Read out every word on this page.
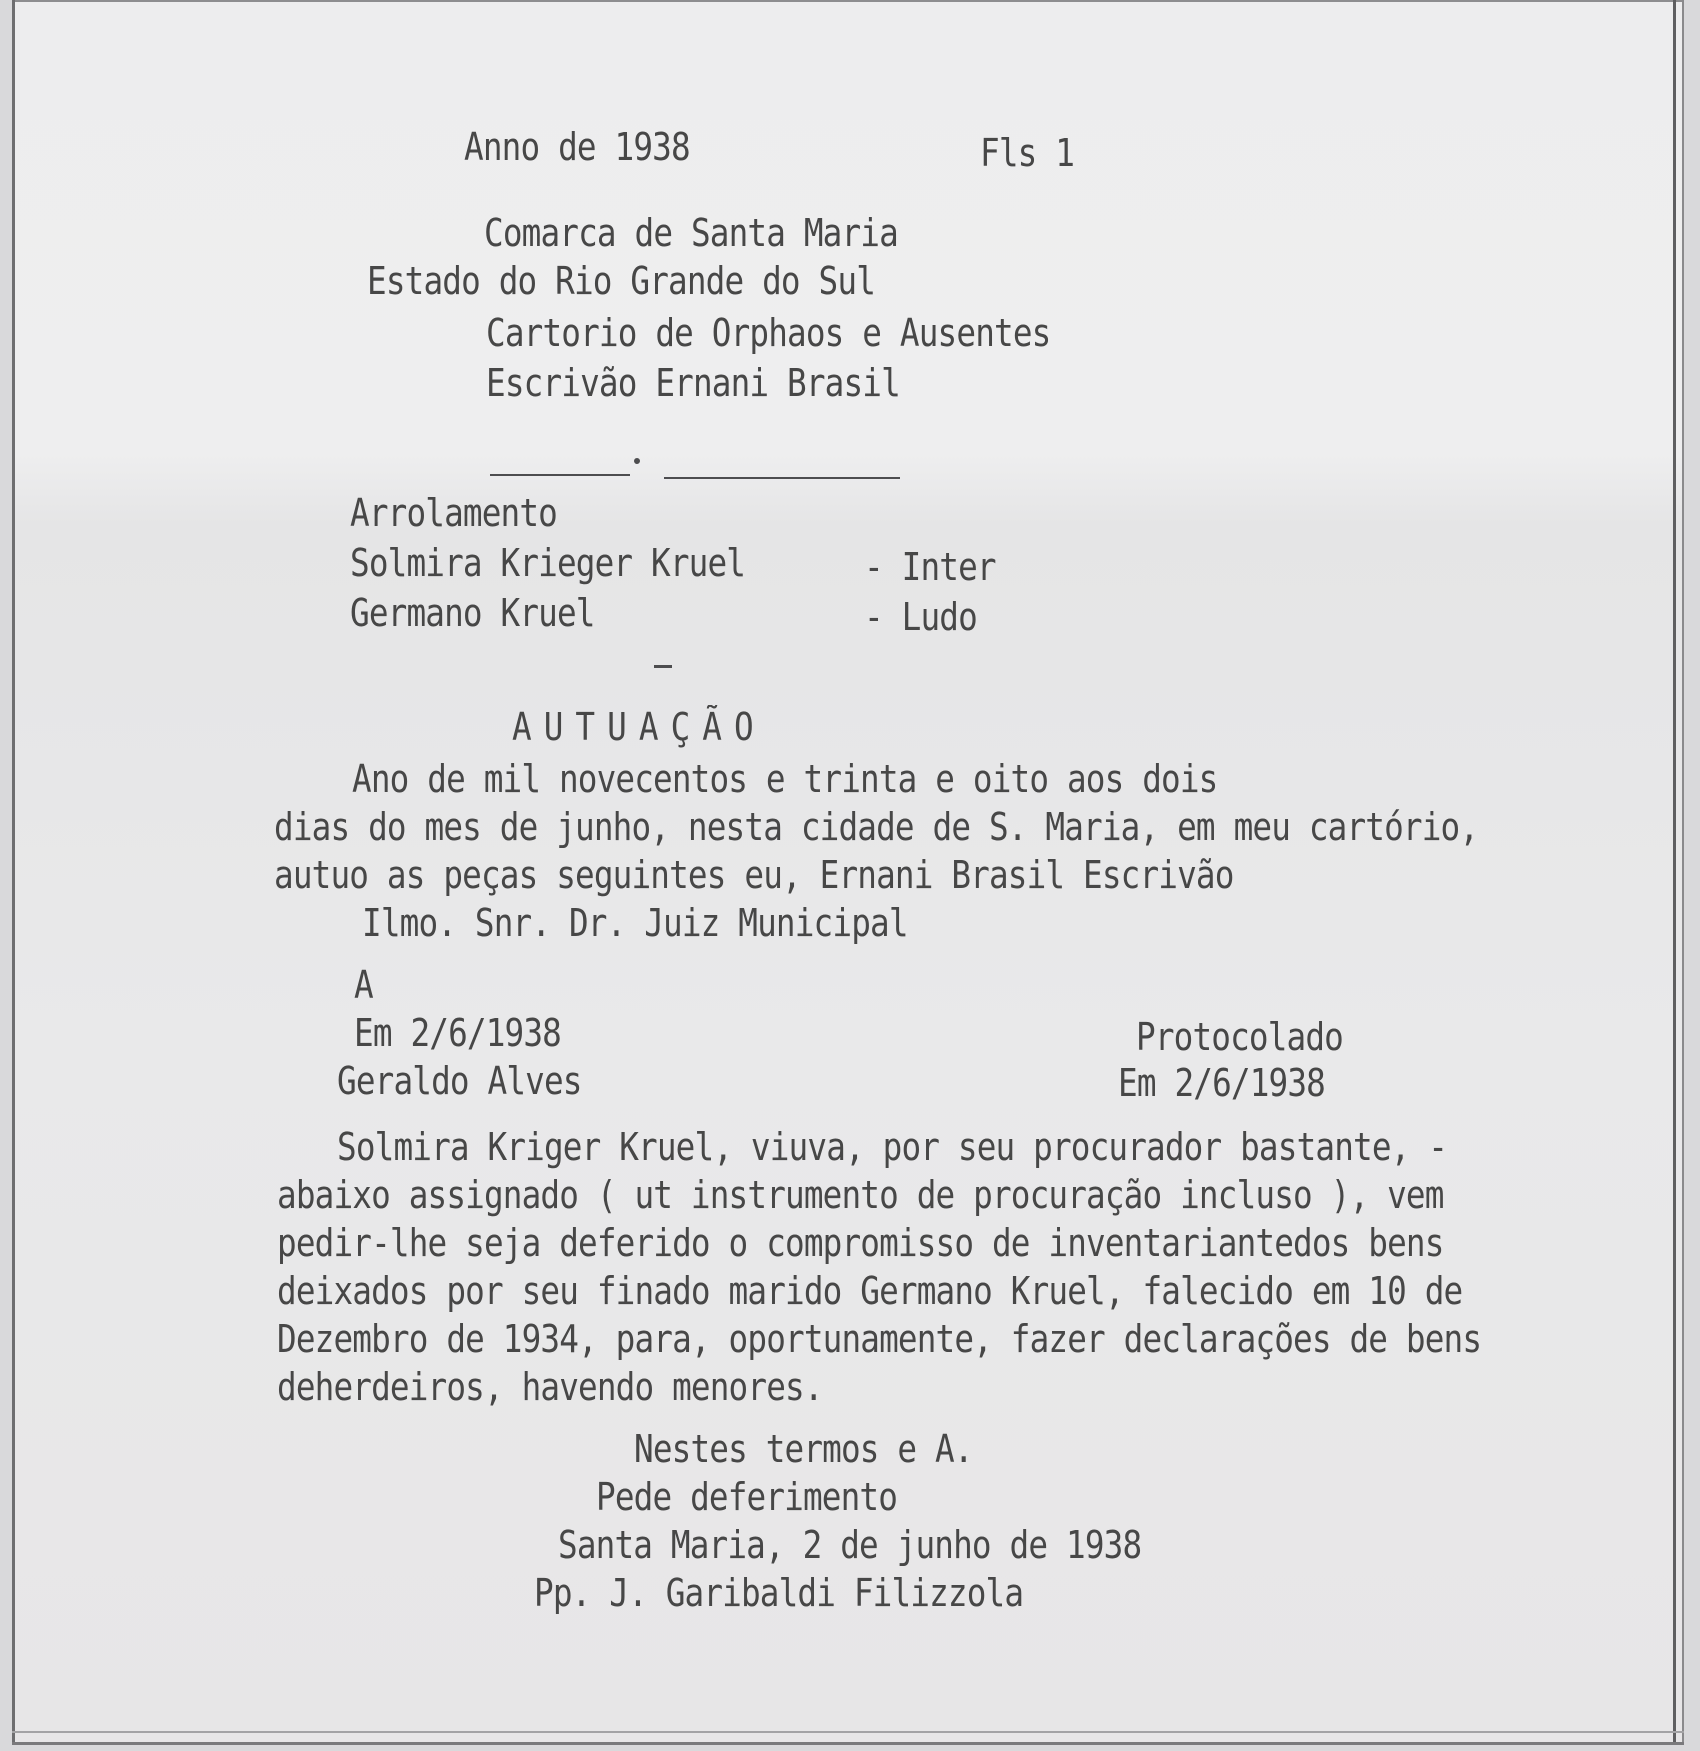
Anno de 1938	Fls 1
Comarca de Santa Maria
Estado do Rio Grande do Sul
Cartorio de Orphaos e Ausentes
Escrivão Ernani Brasil
Arrolamento
Solmira Krieger Kruel	- Inter
Germano Kruel	- Ludo
AUTUAÇÃO
Ano de mil novecentos e trinta e oito aos dois
dias do mes de junho, nesta cidade de S. Maria, em meu cartório,
autuo as peças seguintes eu, Ernani Brasil Escrivão
Ilmo. Snr. Dr. Juiz Municipal
A
Em 2/6/1938
Geraldo Alves
Protocolado
Em 2/6/1938
Solmira Kriger Kruel, viuva, por seu procurador bastante, -
abaixo assignado ( ut instrumento de procuração incluso ), vem
pedir-lhe seja deferido o compromisso de inventariantedos bens
deixados por seu finado marido Germano Kruel, falecido em 10 de
Dezembro de 1934, para, oportunamente, fazer declarações de bens
deherdeiros, havendo menores.
Nestes termos e A.
Pede deferimento
Santa Maria, 2 de junho de 1938
Pp. J. Garibaldi Filizzola
